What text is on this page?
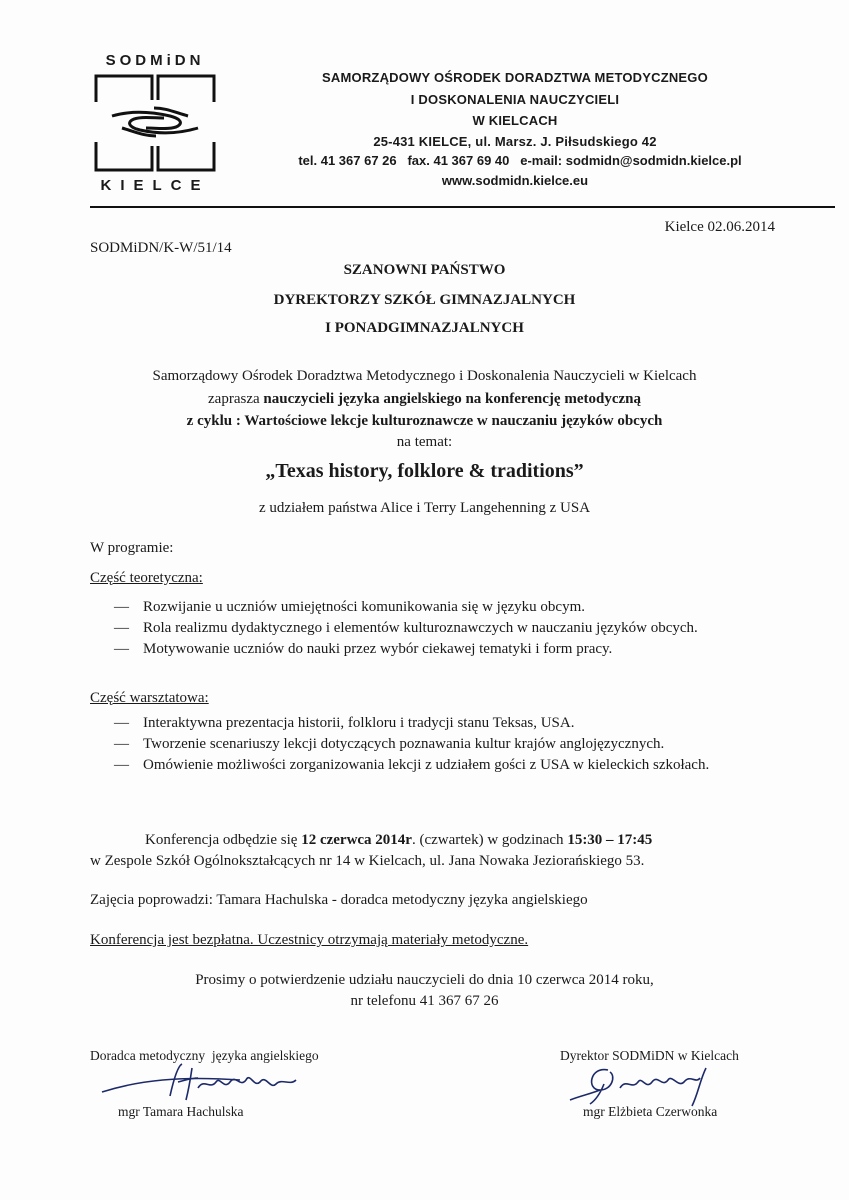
SODMiDN
KIELCE
SAMORZĄDOWY OŚRODEK DORADZTWA METODYCZNEGO
I DOSKONALENIA NAUCZYCIELI
W KIELCACH
25-431 KIELCE, ul. Marsz. J. Piłsudskiego 42
tel. 41 367 67 26   fax. 41 367 69 40   e-mail: sodmidn@sodmidn.kielce.pl
www.sodmidn.kielce.eu
Kielce 02.06.2014
SODMiDN/K-W/51/14
SZANOWNI PAŃSTWO
DYREKTORZY SZKÓŁ GIMNAZJALNYCH
I PONADGIMNAZJALNYCH
Samorządowy Ośrodek Doradztwa Metodycznego i Doskonalenia Nauczycieli w Kielcach
zaprasza nauczycieli języka angielskiego na konferencję metodyczną
z cyklu : Wartościowe lekcje kulturoznawcze w nauczaniu języków obcych
na temat:
„Texas history, folklore & traditions”
z udziałem państwa Alice i Terry Langehenning z USA
W programie:
Część teoretyczna:
— Rozwijanie u uczniów umiejętności komunikowania się w języku obcym.
— Rola realizmu dydaktycznego i elementów kulturoznawczych w nauczaniu języków obcych.
— Motywowanie uczniów do nauki przez wybór ciekawej tematyki i form pracy.
Część warsztatowa:
— Interaktywna prezentacja historii, folkloru i tradycji stanu Teksas, USA.
— Tworzenie scenariuszy lekcji dotyczących poznawania kultur krajów anglojęzycznych.
— Omówienie możliwości zorganizowania lekcji z udziałem gości z USA w kieleckich szkołach.
Konferencja odbędzie się 12 czerwca 2014r. (czwartek) w godzinach 15:30 – 17:45
w Zespole Szkół Ogólnokształcących nr 14 w Kielcach, ul. Jana Nowaka Jeziorańskiego 53.
Zajęcia poprowadzi: Tamara Hachulska - doradca metodyczny języka angielskiego
Konferencja jest bezpłatna. Uczestnicy otrzymają materiały metodyczne.
Prosimy o potwierdzenie udziału nauczycieli do dnia 10 czerwca 2014 roku,
nr telefonu 41 367 67 26
Doradca metodyczny  języka angielskiego
mgr Tamara Hachulska
Dyrektor SODMiDN w Kielcach
mgr Elżbieta Czerwonka
